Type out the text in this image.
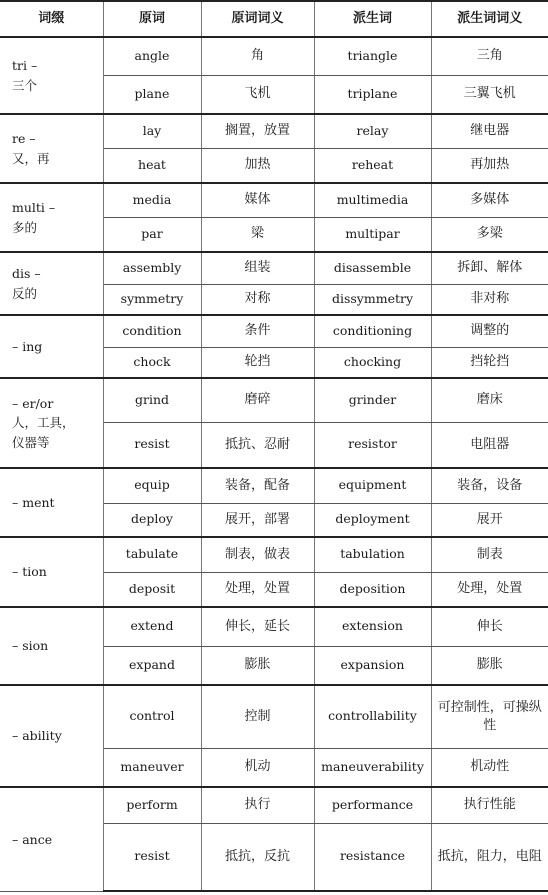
词缀	原词	原词词义	派生词	派生词词义

tri –
三个	angle	角	triangle	三角
	plane	飞机	triplane	三翼飞机

re –
又，再	lay	搁置，放置	relay	继电器
	heat	加热	reheat	再加热

multi –
多的	media	媒体	multimedia	多媒体
	par	梁	multipar	多梁

dis –
反的	assembly	组装	disassemble	拆卸、解体
	symmetry	对称	dissymmetry	非对称

– ing	condition	条件	conditioning	调整的
	chock	轮挡	chocking	挡轮挡

– er/or
人，工具，
仪器等	grind	磨碎	grinder	磨床
	resist	抵抗、忍耐	resistor	电阻器

– ment	equip	装备，配备	equipment	装备，设备
	deploy	展开，部署	deployment	展开

– tion	tabulate	制表，做表	tabulation	制表
	deposit	处理，处置	deposition	处理，处置

– sion	extend	伸长，延长	extension	伸长
	expand	膨胀	expansion	膨胀

– ability	control	控制	controllability	可控制性，可操纵性
	maneuver	机动	maneuverability	机动性

– ance	perform	执行	performance	执行性能
	resist	抵抗，反抗	resistance	抵抗，阻力，电阻
